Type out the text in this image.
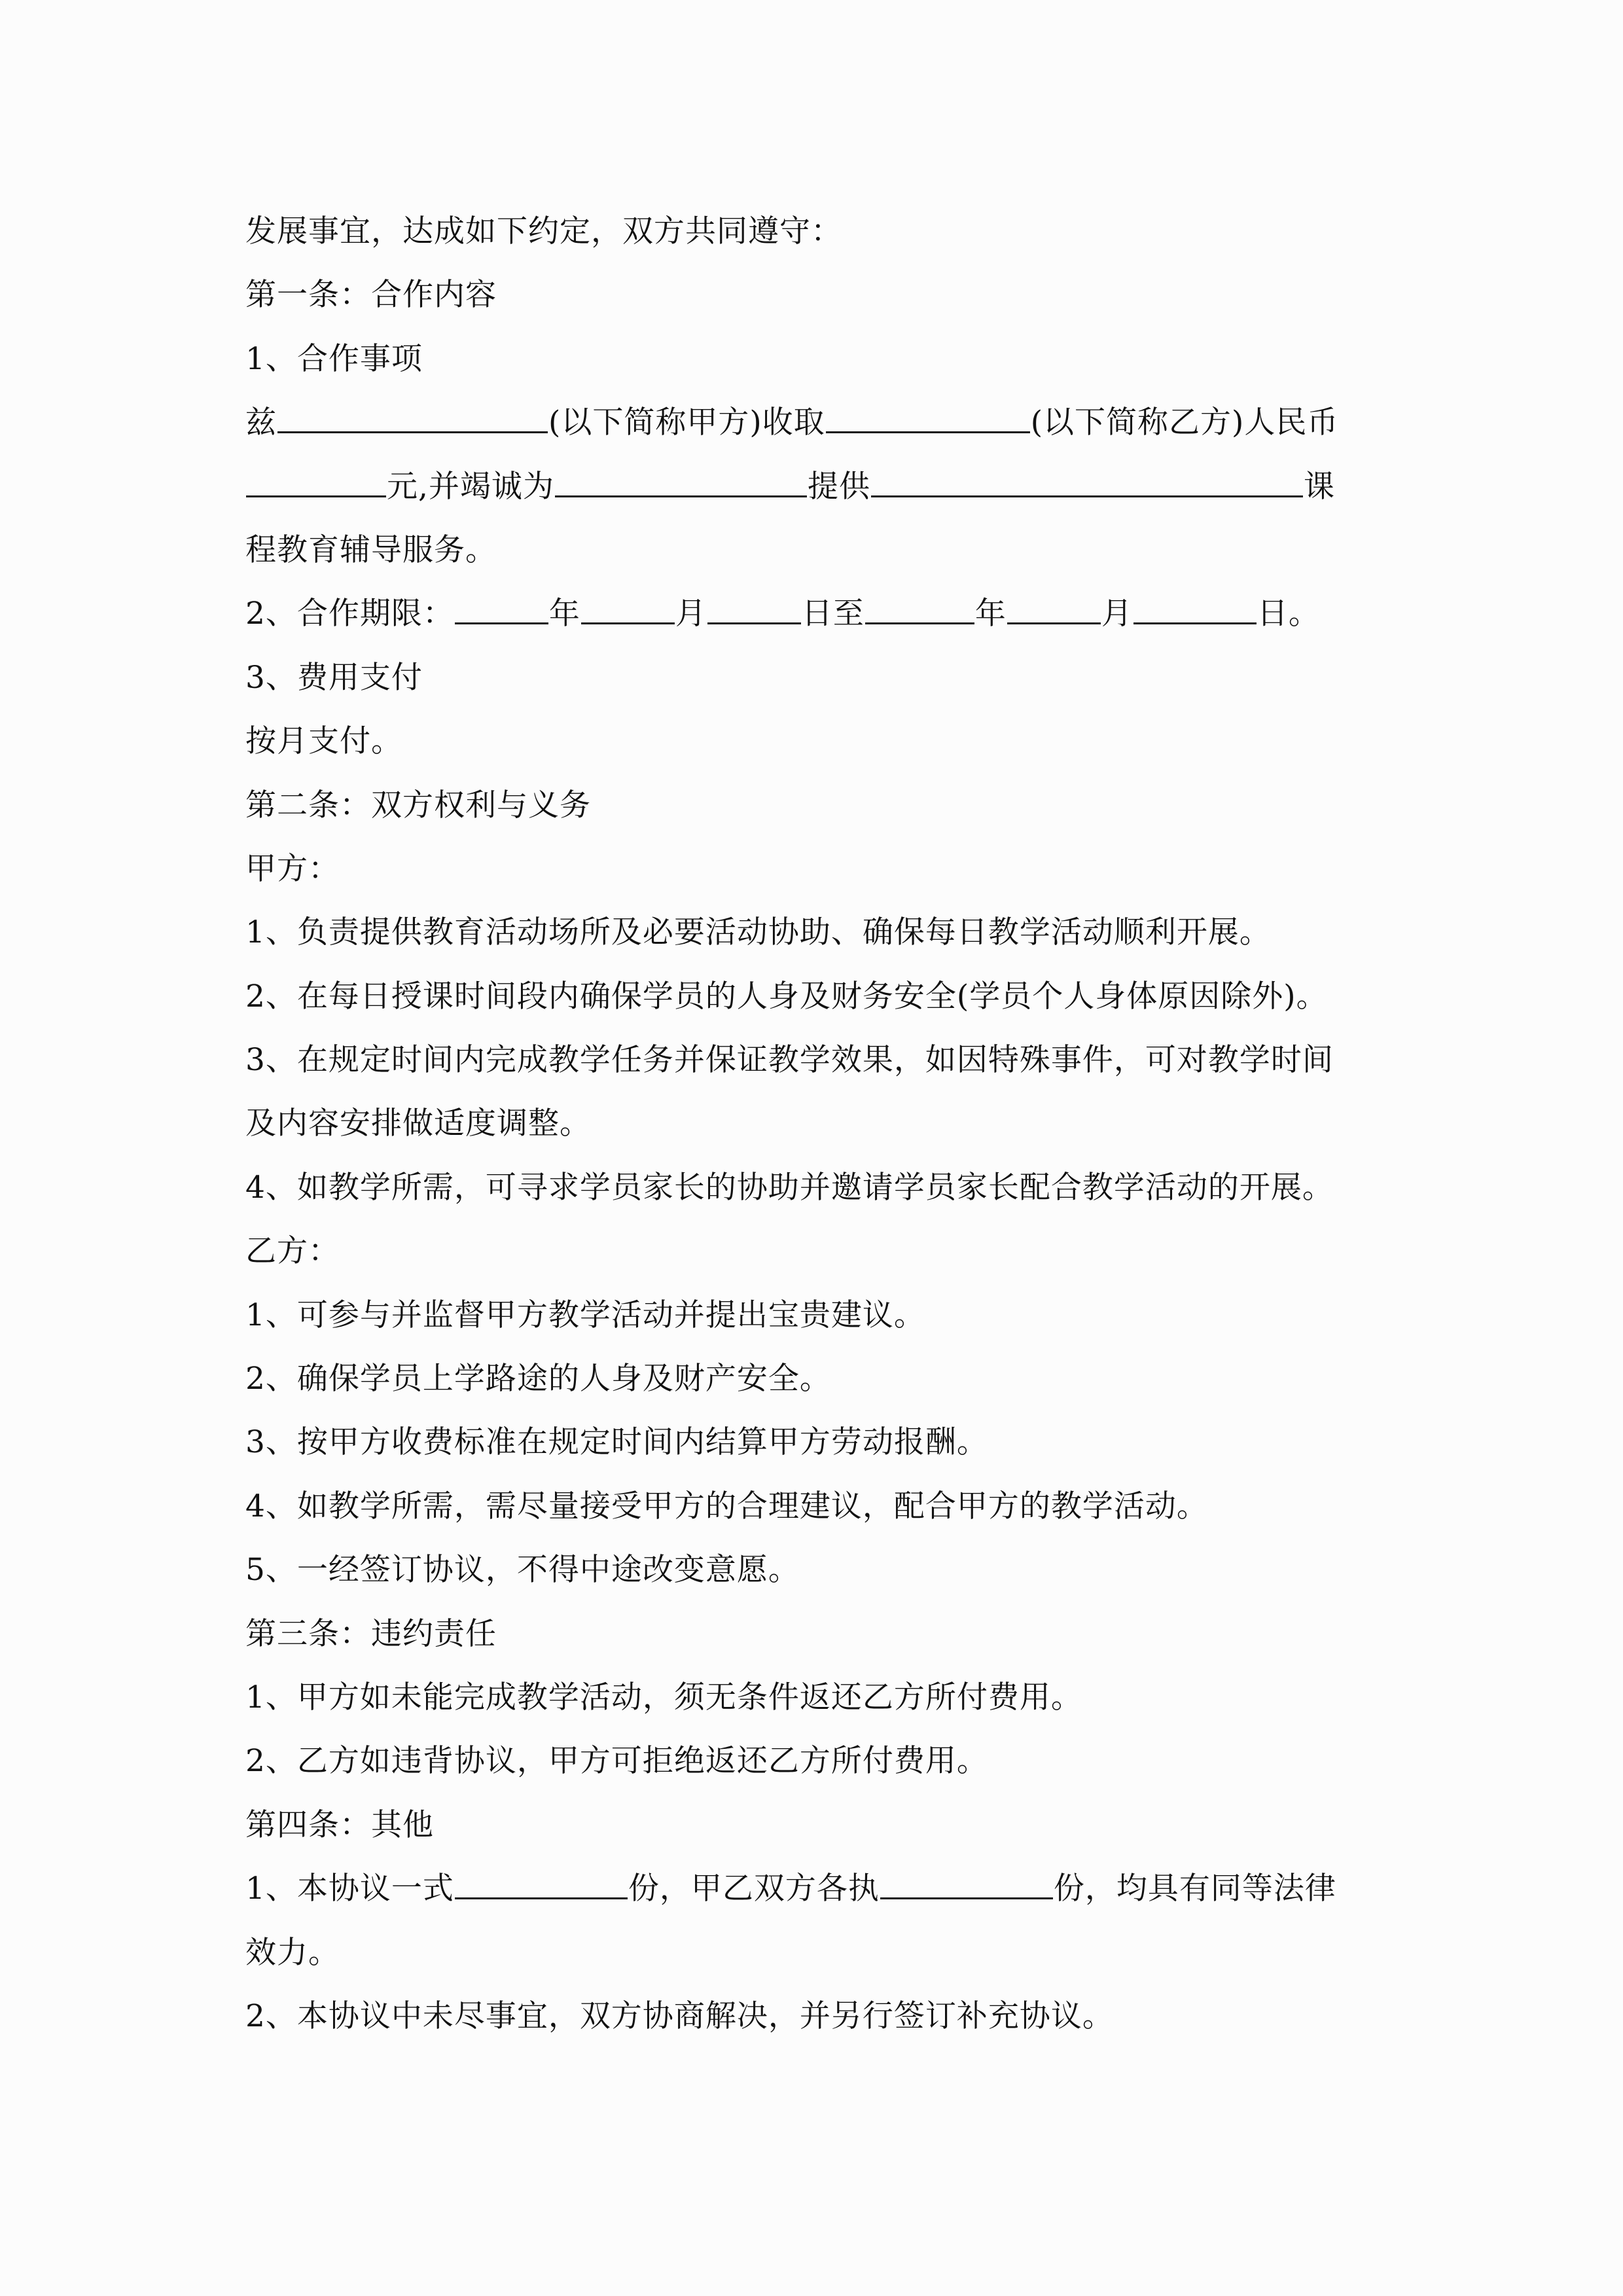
发展事宜，达成如下约定，双方共同遵守：
第一条：合作内容
1、合作事项
兹	(以下简称甲方)收取	(以下简称乙方)人民币
元,并竭诚为	提供	课
程教育辅导服务。
2、合作期限：	年	月	日至	年	月	日。
3、费用支付
按月支付。
第二条：双方权利与义务
甲方：
1、负责提供教育活动场所及必要活动协助、确保每日教学活动顺利开展。
2、在每日授课时间段内确保学员的人身及财务安全(学员个人身体原因除外)。
3、在规定时间内完成教学任务并保证教学效果，如因特殊事件，可对教学时间
及内容安排做适度调整。
4、如教学所需，可寻求学员家长的协助并邀请学员家长配合教学活动的开展。
乙方：
1、可参与并监督甲方教学活动并提出宝贵建议。
2、确保学员上学路途的人身及财产安全。
3、按甲方收费标准在规定时间内结算甲方劳动报酬。
4、如教学所需，需尽量接受甲方的合理建议，配合甲方的教学活动。
5、一经签订协议，不得中途改变意愿。
第三条：违约责任
1、甲方如未能完成教学活动，须无条件返还乙方所付费用。
2、乙方如违背协议，甲方可拒绝返还乙方所付费用。
第四条：其他
1、本协议一式	份，甲乙双方各执	份，均具有同等法律
效力。
2、本协议中未尽事宜，双方协商解决，并另行签订补充协议。
